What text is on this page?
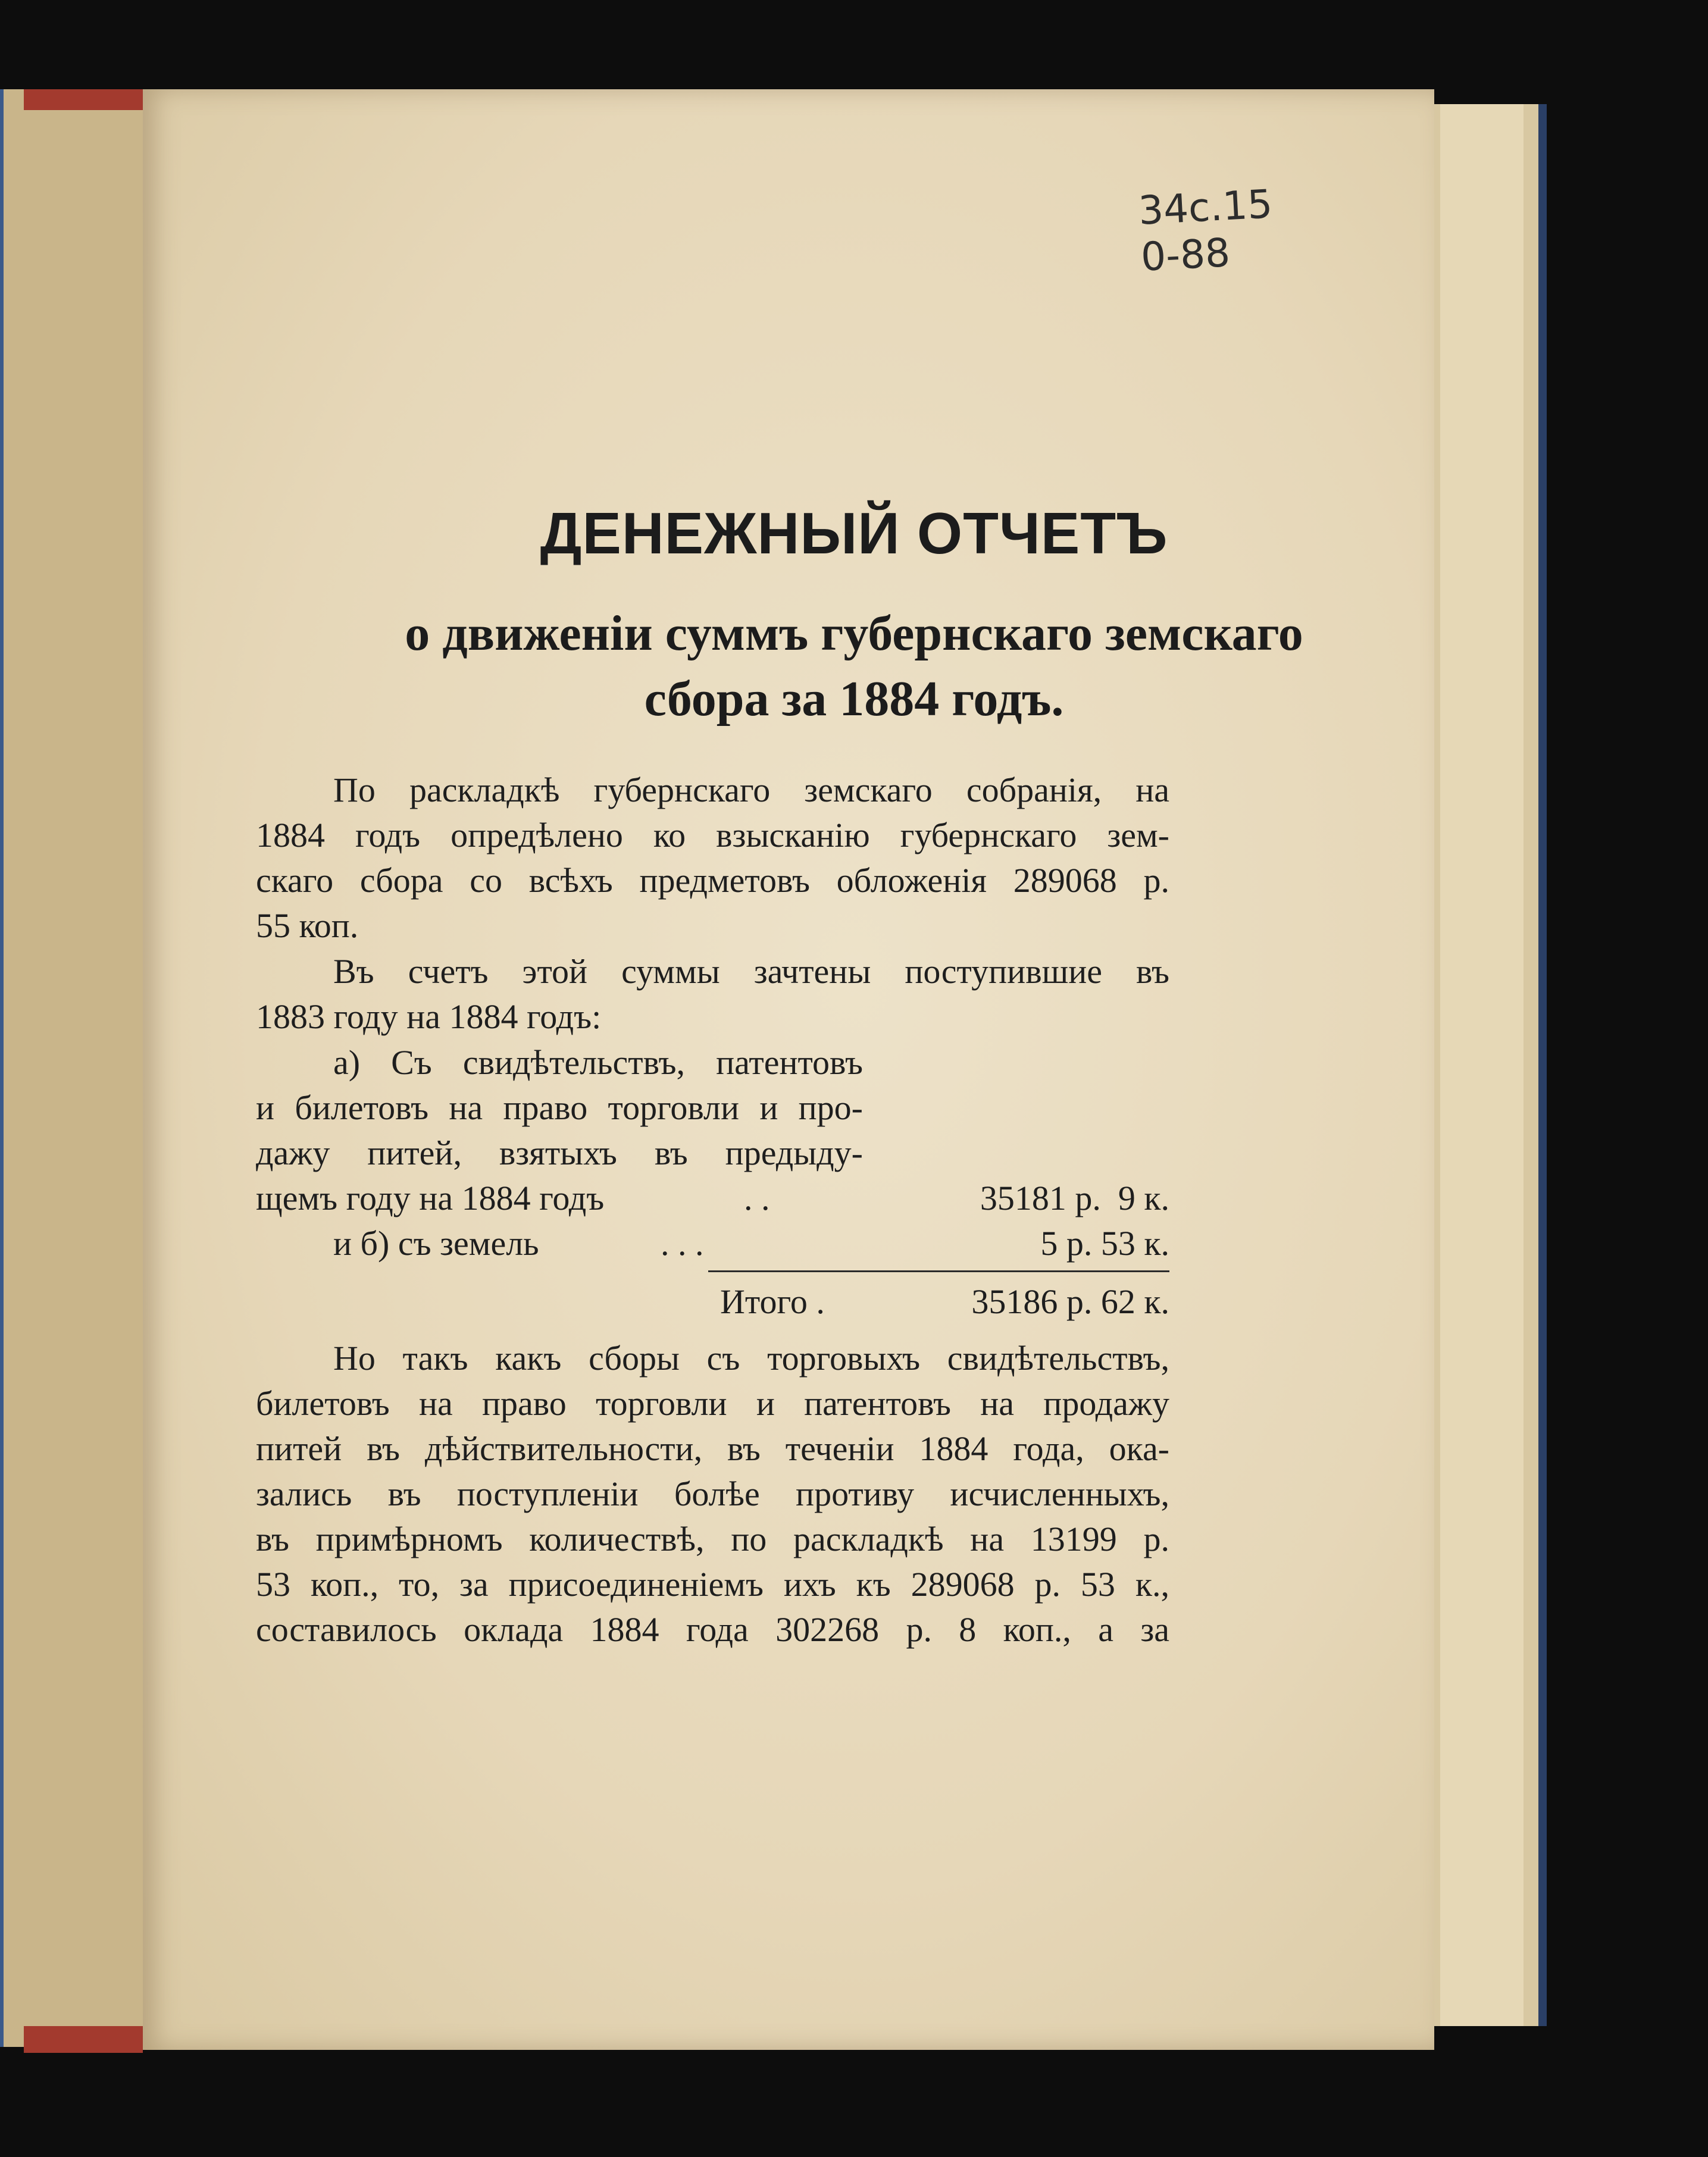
34c.15
0-88
ДЕНЕЖНЫЙ ОТЧЕТЪ
о движеніи суммъ губернскаго земскаго
сбора за 1884 годъ.
По раскладкѣ губернскаго земскаго собранія, на
1884 годъ опредѣлено ко взысканію губернскаго зем-
скаго сбора со всѣхъ предметовъ обложенія 289068 р.
55 коп.
Въ счетъ этой суммы зачтены поступившие въ
1883 году на 1884 годъ:
а) Съ свидѣтельствъ, патентовъ
и билетовъ на право торговли и про-
дажу питей, взятыхъ въ предыду-
щемъ году на 1884 годъ	. .	35181 р.  9 к.
и б) съ земель	. . .	5 р. 53 к.
Итого .	35186 р. 62 к.
Но такъ какъ сборы съ торговыхъ свидѣтельствъ,
билетовъ на право торговли и патентовъ на продажу
питей въ дѣйствительности, въ теченіи 1884 года, ока-
зались въ поступленіи болѣе противу исчисленныхъ,
въ примѣрномъ количествѣ, по раскладкѣ на 13199 р.
53 коп., то, за присоединеніемъ ихъ къ 289068 р. 53 к.,
составилось оклада 1884 года 302268 р. 8 коп., а за
